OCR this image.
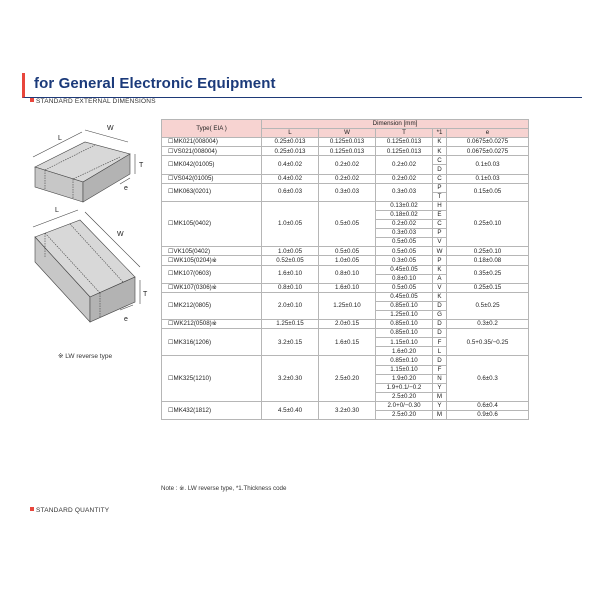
for General Electronic Equipment
STANDARD EXTERNAL DIMENSIONS
L
W
T
e
L
W
T
e
※ LW reverse type
Type( EIA )	Dimension [mm]				
	L	W	T	*1	e
☐MK021(008004)	0.25±0.013	0.125±0.013	0.125±0.013	K	0.0675±0.0275
☐VS021(008004)	0.25±0.013	0.125±0.013	0.125±0.013	K	0.0675±0.0275
☐MK042(01005)	0.4±0.02	0.2±0.02	0.2±0.02	C	0.1±0.03
				D	
☐VS042(01005)	0.4±0.02	0.2±0.02	0.2±0.02	C	0.1±0.03
☐MK063(0201)	0.6±0.03	0.3±0.03	0.3±0.03	P	0.15±0.05
				T	
☐MK105(0402)	1.0±0.05	0.5±0.05	0.13±0.02	H	0.25±0.10
			0.18±0.02	E	
			0.2±0.02	C	
			0.3±0.03	P	
			0.5±0.05	V	
☐VK105(0402)	1.0±0.05	0.5±0.05	0.5±0.05	W	0.25±0.10
☐WK105(0204)※	0.52±0.05	1.0±0.05	0.3±0.05	P	0.18±0.08
☐MK107(0603)	1.6±0.10	0.8±0.10	0.45±0.05	K	0.35±0.25
			0.8±0.10	A	
☐WK107(0306)※	0.8±0.10	1.6±0.10	0.5±0.05	V	0.25±0.15
☐MK212(0805)	2.0±0.10	1.25±0.10	0.45±0.05	K	0.5±0.25
			0.85±0.10	D	
			1.25±0.10	G	
☐WK212(0508)※	1.25±0.15	2.0±0.15	0.85±0.10	D	0.3±0.2
☐MK316(1206)	3.2±0.15	1.6±0.15	0.85±0.10	D	0.5+0.35/−0.25
			1.15±0.10	F	
			1.6±0.20	L	
☐MK325(1210)	3.2±0.30	2.5±0.20	0.85±0.10	D	0.6±0.3
			1.15±0.10	F	
			1.9±0.20	N	
			1.9+0.1/−0.2	Y	
			2.5±0.20	M	
☐MK432(1812)	4.5±0.40	3.2±0.30	2.0+0/−0.30	Y	0.6±0.4
			2.5±0.20	M	0.9±0.6
Note : ※. LW reverse type, *1.Thickness code
STANDARD QUANTITY
